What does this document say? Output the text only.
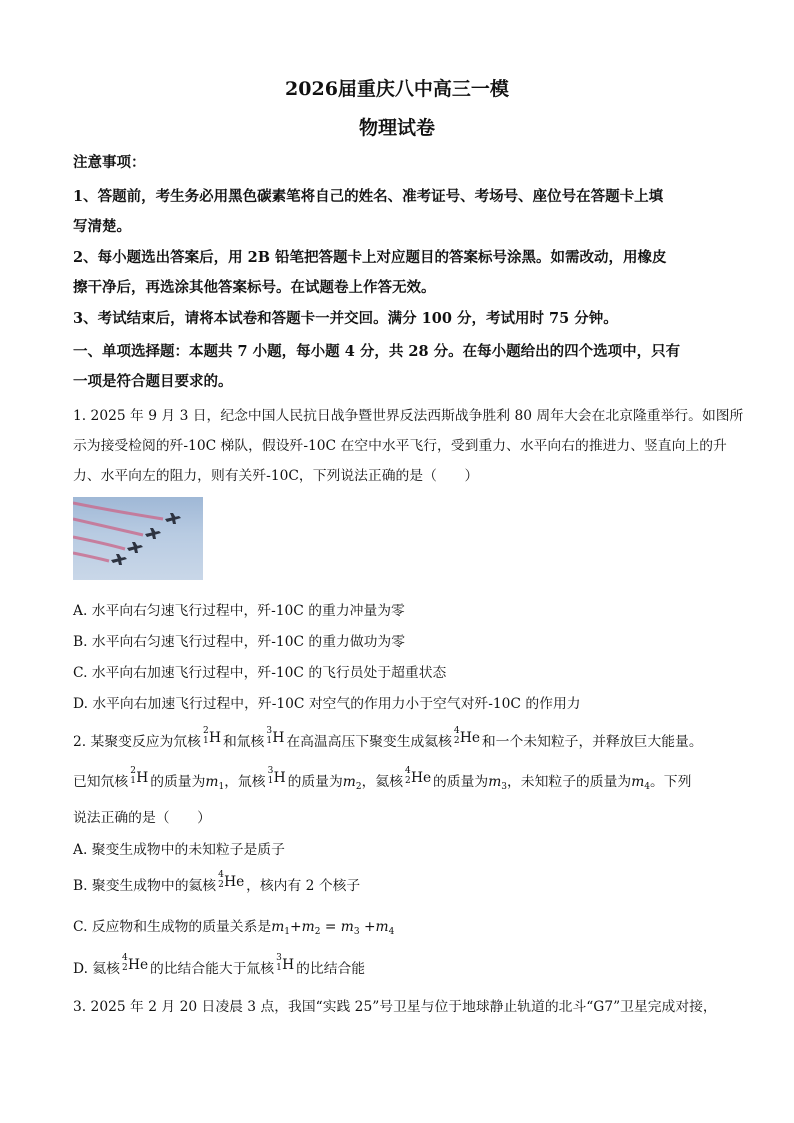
2026届重庆八中高三一模
物理试卷
注意事项：
1、答题前，考生务必用黑色碳素笔将自己的姓名、准考证号、考场号、座位号在答题卡上填
写清楚。
2、每小题选出答案后，用 2B 铅笔把答题卡上对应题目的答案标号涂黑。如需改动，用橡皮
擦干净后，再选涂其他答案标号。在试题卷上作答无效。
3、考试结束后，请将本试卷和答题卡一并交回。满分 100 分，考试用时 75 分钟。
一、单项选择题：本题共 7 小题，每小题 4 分，共 28 分。在每小题给出的四个选项中，只有
一项是符合题目要求的。
1. 2025 年 9 月 3 日，纪念中国人民抗日战争暨世界反法西斯战争胜利 80 周年大会在北京隆重举行。如图所
示为接受检阅的歼-10C 梯队，假设歼-10C 在空中水平飞行，受到重力、水平向右的推进力、竖直向上的升
力、水平向左的阻力，则有关歼-10C，下列说法正确的是（　　）
A. 水平向右匀速飞行过程中，歼-10C 的重力冲量为零
B. 水平向右匀速飞行过程中，歼-10C 的重力做功为零
C. 水平向右加速飞行过程中，歼-10C 的飞行员处于超重状态
D. 水平向右加速飞行过程中，歼-10C 对空气的作用力小于空气对歼-10C 的作用力
2. 某聚变反应为氘核
2
1 H 和氚核
3
1 H 在高温高压下聚变生成氦核
4
2 He 和一个未知粒子，并释放巨大能量。
已知氘核
2
1 H 的质量为$m_1$，氚核
3
1 H 的质量为$m_2$，氦核
4
2 He 的质量为$m_3$，未知粒子的质量为$m_4$。下列
说法正确的是（　　）
A. 聚变生成物中的未知粒子是质子
B. 聚变生成物中的氦核
4
2 He ，核内有 2 个核子
C. 反应物和生成物的质量关系是$m_1+m_2 = m_3 +m_4$
D. 氦核
4
2 He 的比结合能大于氚核
3
1 H 的比结合能
3. 2025 年 2 月 20 日凌晨 3 点，我国“实践 25”号卫星与位于地球静止轨道的北斗“G7”卫星完成对接，
